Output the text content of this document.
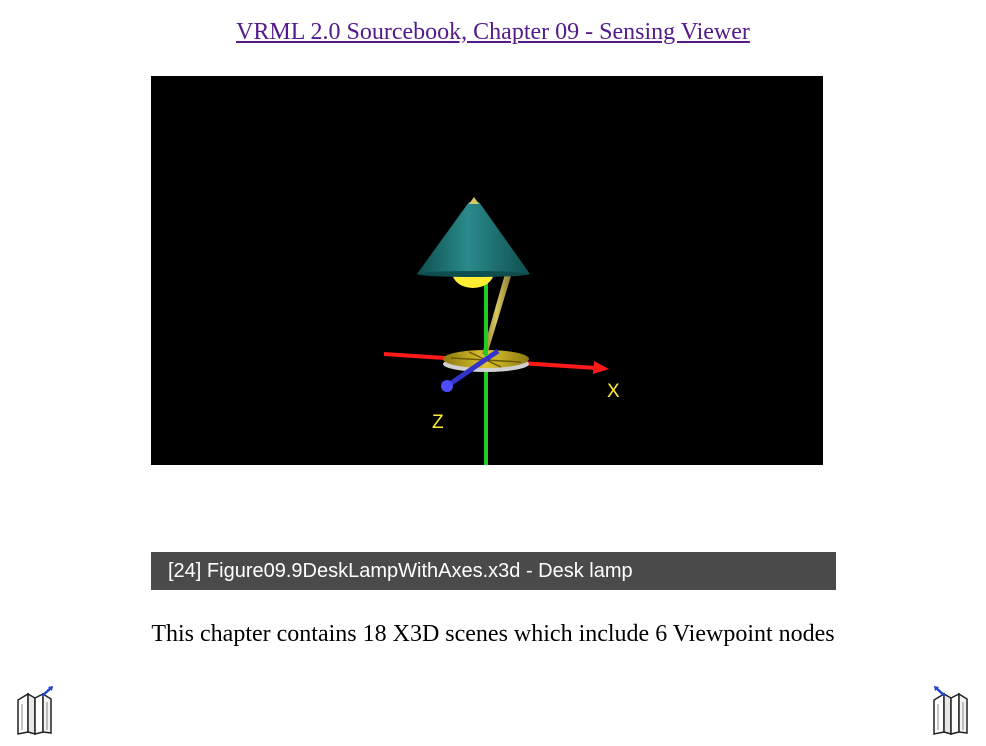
VRML 2.0 Sourcebook, Chapter 09 - Sensing Viewer
X
Z
[24] Figure09.9DeskLampWithAxes.x3d - Desk lamp
This chapter contains 18 X3D scenes which include 6 Viewpoint nodes
